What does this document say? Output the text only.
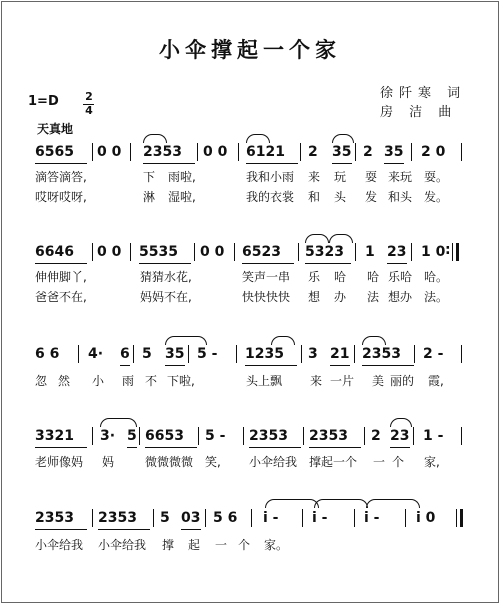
小伞撑起一个家
徐阡寒 词
房 洁 曲
1=D 2
4
天真地
6565 0 0 2353 0 0 6121 2 35 2 35 2 0
滴答滴答,	下 雨啦,	我和小雨 来 玩 耍 来玩 耍。
哎呀哎呀,	淋 湿啦,	我的衣裳 和 头 发 和头 发。
6646 0 0 5535 0 0 6523 5323 1 23 1 0 :
伸伸脚丫,	猜猜水花,	笑声一串 乐 哈 哈 乐哈 哈。
爸爸不在,	妈妈不在,	快快快快 想 办 法 想办 法。
6 6 4· 6 5 35 5 - 1235 3 21 2353 2 -
忽 然 小 雨 不 下啦,	头上飘 来 一片 美 丽的 霞,
3321 3· 5 6653 5 - 2353 2353 2 23 1 -
老师像妈 妈	微微微微 笑, 小伞给我 撑起一个 一 个 家,
2353 2353 5 03 5 6 i - i -	i -	i 0
小伞给我 小伞给我 撑 起 一 个 家。
